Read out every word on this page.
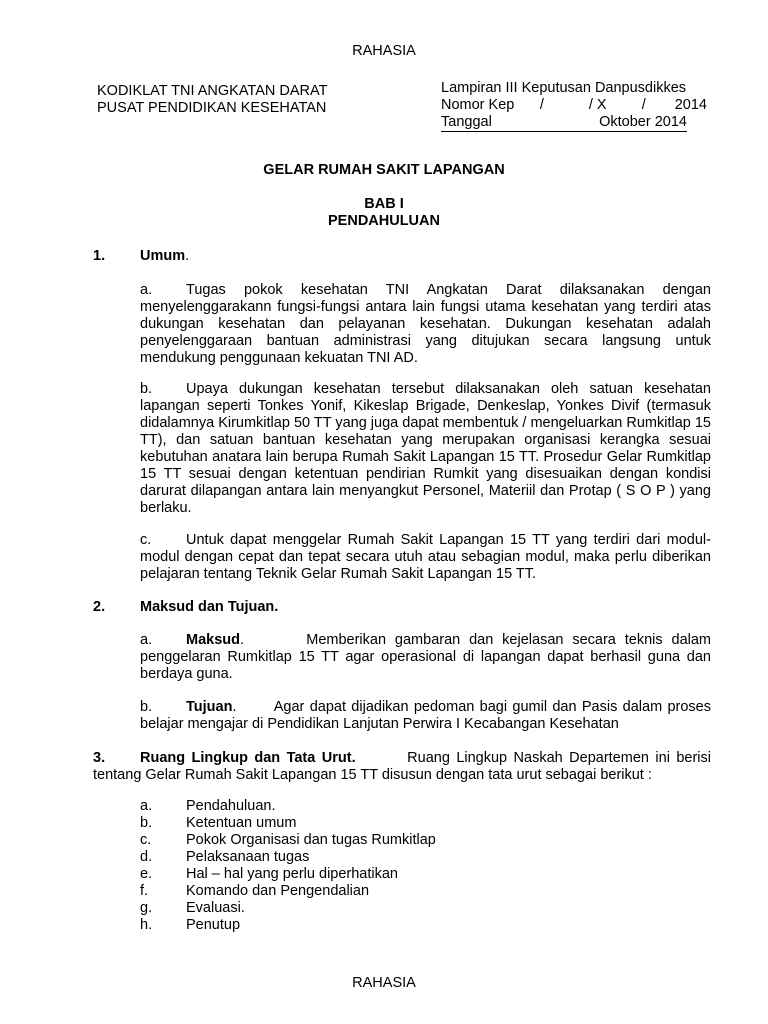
RAHASIA
KODIKLAT TNI ANGKATAN DARAT
PUSAT PENDIDIKAN KESEHATAN
Lampiran III Keputusan Danpusdikkes
Nomor Kep	/	/ X	/	2014
Tanggal	Oktober 2014
GELAR RUMAH SAKIT LAPANGAN
BAB I
PENDAHULUAN
1. Umum.
a. Tugas pokok kesehatan TNI Angkatan Darat dilaksanakan dengan menyelenggarakann fungsi-fungsi antara lain fungsi utama kesehatan yang terdiri atas dukungan kesehatan dan pelayanan kesehatan. Dukungan kesehatan adalah penyelenggaraan bantuan administrasi yang ditujukan secara langsung untuk mendukung penggunaan kekuatan TNI AD.
b. Upaya dukungan kesehatan tersebut dilaksanakan oleh satuan kesehatan lapangan seperti Tonkes Yonif, Kikeslap Brigade, Denkeslap, Yonkes Divif (termasuk didalamnya Kirumkitlap 50 TT yang juga dapat membentuk / mengeluarkan Rumkitlap 15 TT), dan satuan bantuan kesehatan yang merupakan organisasi kerangka sesuai kebutuhan anatara lain berupa Rumah Sakit Lapangan 15 TT. Prosedur Gelar Rumkitlap 15 TT sesuai dengan ketentuan pendirian Rumkit yang disesuaikan dengan kondisi darurat dilapangan antara lain menyangkut Personel, Materiil dan Protap ( S O P ) yang berlaku.
c. Untuk dapat menggelar Rumah Sakit Lapangan 15 TT yang terdiri dari modul-modul dengan cepat dan tepat secara utuh atau sebagian modul, maka perlu diberikan pelajaran tentang Teknik Gelar Rumah Sakit Lapangan 15 TT.
2. Maksud dan Tujuan.
a. Maksud.       Memberikan gambaran dan kejelasan secara teknis dalam penggelaran Rumkitlap 15 TT agar operasional di lapangan dapat berhasil guna dan berdaya guna.
b. Tujuan.       Agar dapat dijadikan pedoman bagi gumil dan Pasis dalam proses belajar mengajar di Pendidikan Lanjutan Perwira I Kecabangan Kesehatan
3. Ruang Lingkup dan Tata Urut.	Ruang Lingkup Naskah Departemen ini berisi tentang Gelar Rumah Sakit Lapangan 15 TT disusun dengan tata urut sebagai berikut :
a.	Pendahuluan.
b.	Ketentuan umum
c.	Pokok Organisasi dan tugas Rumkitlap
d.	Pelaksanaan tugas
e.	Hal – hal yang perlu diperhatikan
f.	Komando dan Pengendalian
g.	Evaluasi.
h.	Penutup
RAHASIA
